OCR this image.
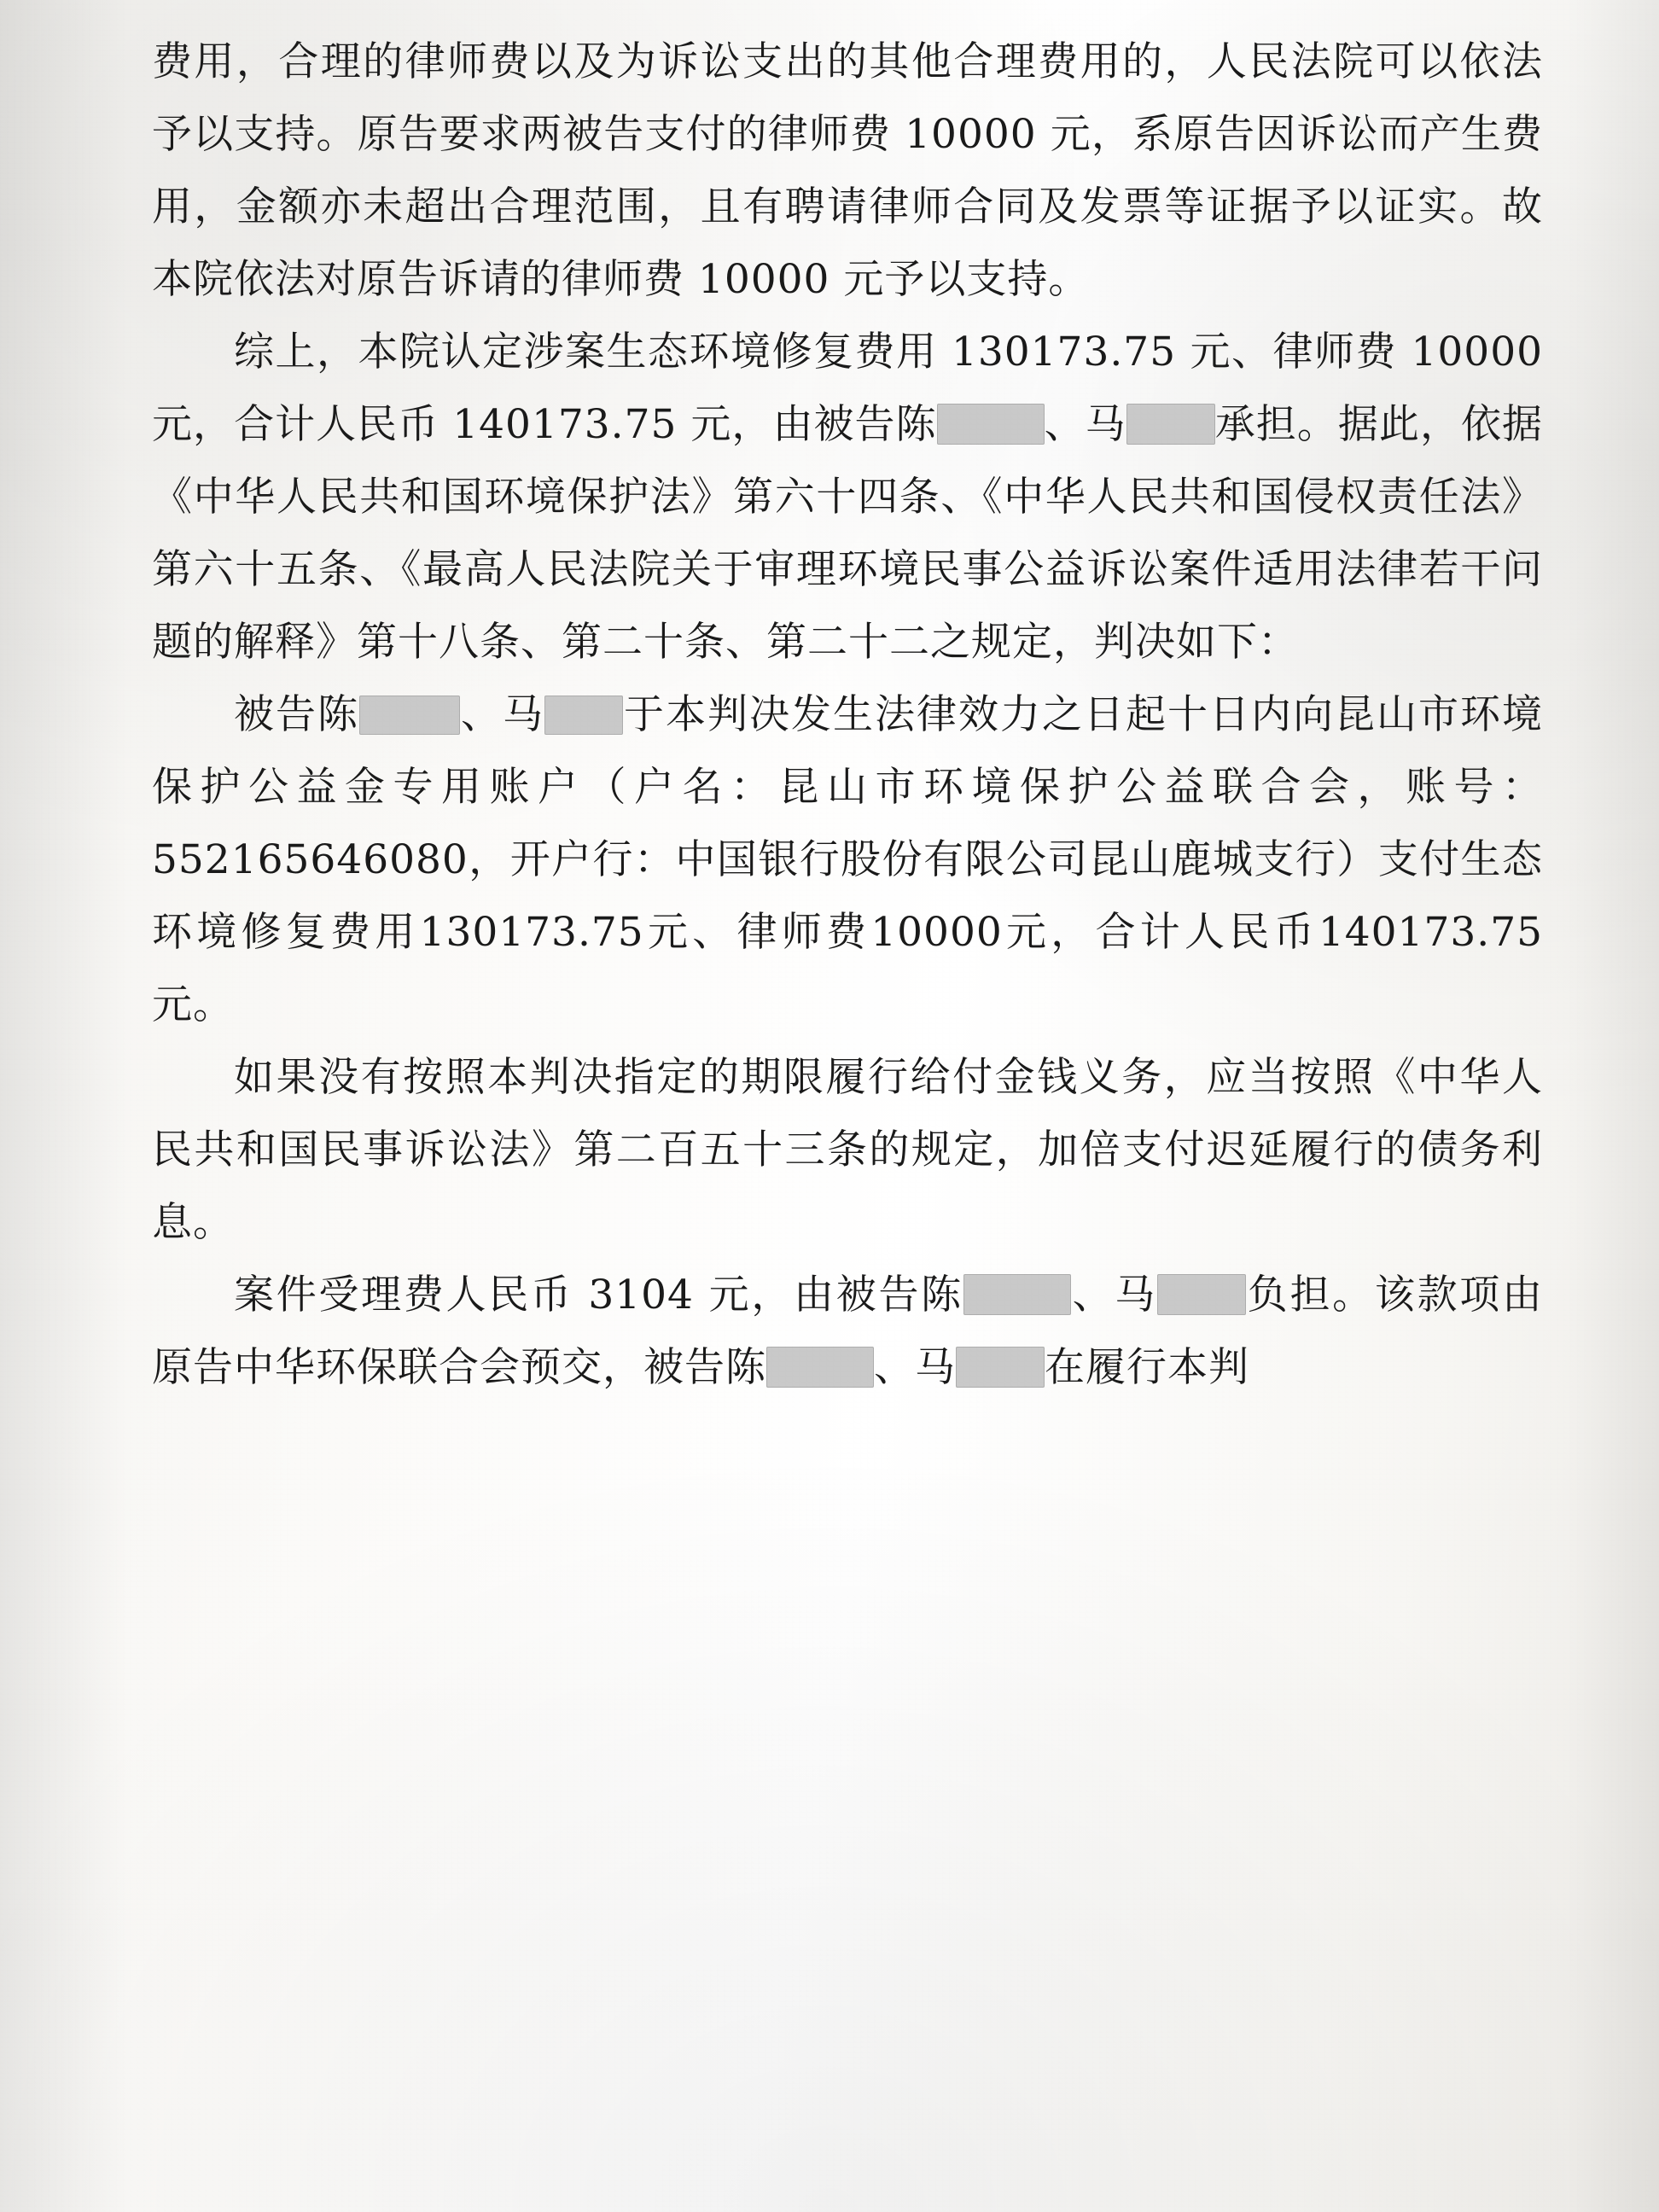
费用，合理的律师费以及为诉讼支出的其他合理费用的，人民法院可以依法予以支持。原告要求两被告支付的律师费 10000 元，系原告因诉讼而产生费用，金额亦未超出合理范围，且有聘请律师合同及发票等证据予以证实。故本院依法对原告诉请的律师费 10000 元予以支持。

综上，本院认定涉案生态环境修复费用 130173.75 元、律师费 10000 元，合计人民币 140173.75 元，由被告陈	、马 承担。据此，依据《中华人民共和国环境保护法》第六十四条、《中华人民共和国侵权责任法》第六十五条、《最高人民法院关于审理环境民事公益诉讼案件适用法律若干问题的解释》第十八条、第二十条、第二十二之规定，判决如下：

被告陈	、马 于本判决发生法律效力之日起十日内向昆山市环境保护公益金专用账户（户名：昆山市环境保护公益联合会，账号：552165646080，开户行：中国银行股份有限公司昆山鹿城支行）支付生态环境修复费用130173.75元、律师费10000元，合计人民币140173.75元。

如果没有按照本判决指定的期限履行给付金钱义务，应当按照《中华人民共和国民事诉讼法》第二百五十三条的规定，加倍支付迟延履行的债务利息。

案件受理费人民币 3104 元，由被告陈	、马 负担。该款项由原告中华环保联合会预交，被告陈	、马 在履行本判
